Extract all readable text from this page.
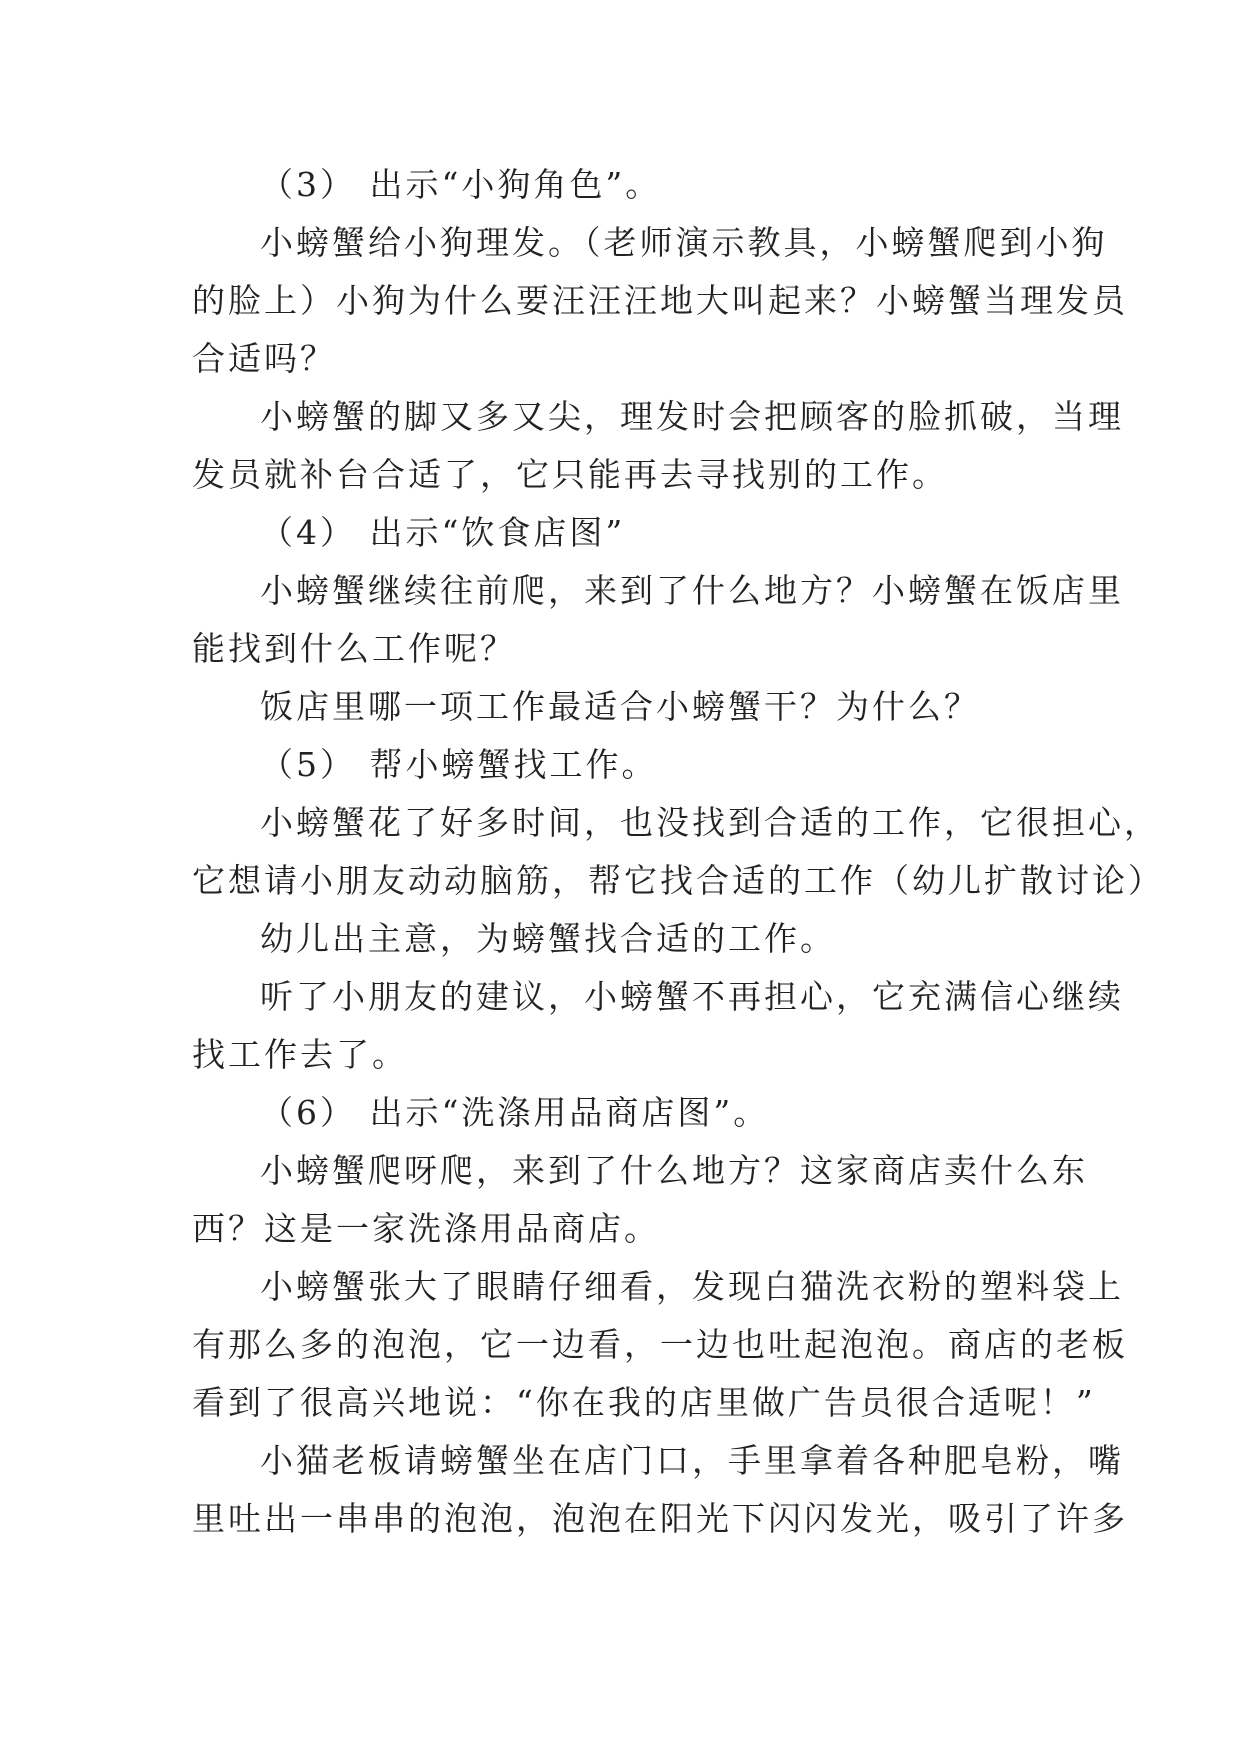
（3） 出示“小狗角色”。
小螃蟹给小狗理发。（老师演示教具，小螃蟹爬到小狗
的脸上）小狗为什么要汪汪汪地大叫起来？小螃蟹当理发员
合适吗？
小螃蟹的脚又多又尖，理发时会把顾客的脸抓破，当理
发员就补台合适了，它只能再去寻找别的工作。
（4） 出示“饮食店图”
小螃蟹继续往前爬，来到了什么地方？小螃蟹在饭店里
能找到什么工作呢？
饭店里哪一项工作最适合小螃蟹干？为什么？
（5） 帮小螃蟹找工作。
小螃蟹花了好多时间，也没找到合适的工作，它很担心，
它想请小朋友动动脑筋，帮它找合适的工作（幼儿扩散讨论）
幼儿出主意，为螃蟹找合适的工作。
听了小朋友的建议，小螃蟹不再担心，它充满信心继续
找工作去了。
（6） 出示“洗涤用品商店图”。
小螃蟹爬呀爬，来到了什么地方？这家商店卖什么东
西？这是一家洗涤用品商店。
小螃蟹张大了眼睛仔细看，发现白猫洗衣粉的塑料袋上
有那么多的泡泡，它一边看，一边也吐起泡泡。商店的老板
看到了很高兴地说：“你在我的店里做广告员很合适呢！”
小猫老板请螃蟹坐在店门口，手里拿着各种肥皂粉，嘴
里吐出一串串的泡泡，泡泡在阳光下闪闪发光，吸引了许多
